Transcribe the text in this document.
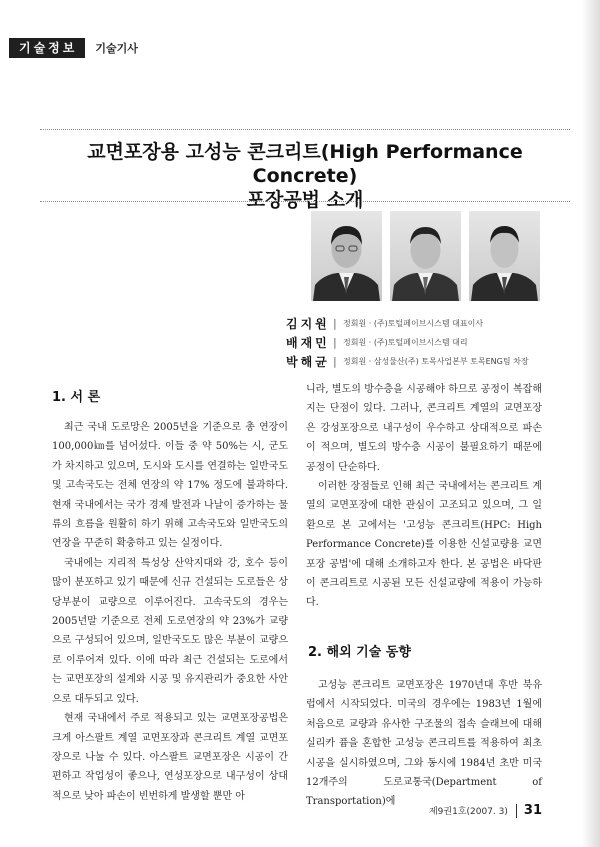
기술정보	기술기사
교면포장용 고성능 콘크리트(High Performance Concrete)
포장공법 소개
김지원 | 정회원 · (주)토털페이브시스템 대표이사
배재민 | 정회원 · (주)토털페이브시스템 대리
박해균 | 정회원 · 삼성물산(주) 토목사업본부 토목ENG팀 차장
1. 서 론

최근 국내 도로망은 2005년을 기준으로 총 연장이 100,000㎞를 넘어섰다. 이들 중 약 50%는 시, 군도가 차지하고 있으며, 도시와 도시를 연결하는 일반국도 및 고속국도는 전체 연장의 약 17% 정도에 불과하다. 현재 국내에서는 국가 경제 발전과 나날이 증가하는 물류의 흐름을 원활히 하기 위해 고속국도와 일반국도의 연장을 꾸준히 확충하고 있는 실정이다.

국내에는 지리적 특성상 산악지대와 강, 호수 등이 많이 분포하고 있기 때문에 신규 건설되는 도로들은 상당부분이 교량으로 이루어진다. 고속국도의 경우는 2005년말 기준으로 전체 도로연장의 약 23%가 교량으로 구성되어 있으며, 일반국도도 많은 부분이 교량으로 이루어져 있다. 이에 따라 최근 건설되는 도로에서는 교면포장의 설계와 시공 및 유지관리가 중요한 사안으로 대두되고 있다.

현재 국내에서 주로 적용되고 있는 교면포장공법은 크게 아스팔트 계열 교면포장과 콘크리트 계열 교면포장으로 나눌 수 있다. 아스팔트 교면포장은 시공이 간편하고 작업성이 좋으나, 연성포장으로 내구성이 상대적으로 낮아 파손이 빈번하게 발생할 뿐만 아

니라, 별도의 방수층을 시공해야 하므로 공정이 복잡해지는 단점이 있다. 그러나, 콘크리트 계열의 교면포장은 강성포장으로 내구성이 우수하고 상대적으로 파손이 적으며, 별도의 방수층 시공이 불필요하기 때문에 공정이 단순하다.

이러한 장점들로 인해 최근 국내에서는 콘크리트 계열의 교면포장에 대한 관심이 고조되고 있으며, 그 일환으로 본 고에서는 '고성능 콘크리트(HPC: High Performance Concrete)를 이용한 신설교량용 교면포장 공법'에 대해 소개하고자 한다. 본 공법은 바닥판이 콘크리트로 시공된 모든 신설교량에 적용이 가능하다.

2. 해외 기술 동향

고성능 콘크리트 교면포장은 1970년대 후반 북유럽에서 시작되었다. 미국의 경우에는 1983년 1월에 처음으로 교량과 유사한 구조물의 접속 슬래브에 대해 실리카 퓸을 혼합한 고성능 콘크리트를 적용하여 최초 시공을 실시하였으며, 그와 동시에 1984년 초반 미국 12개주의 도로교통국(Department of Transportation)에

제9권1호(2007. 3) 31
